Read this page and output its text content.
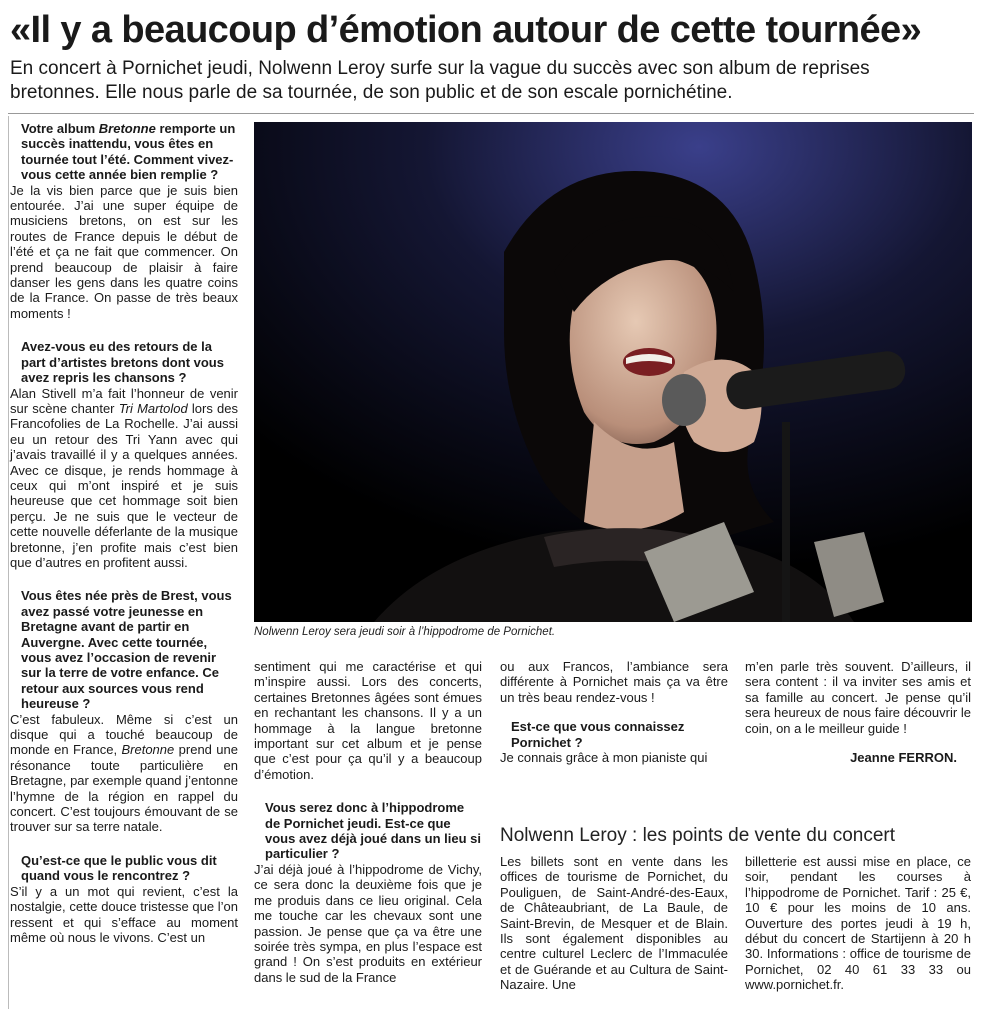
«Il y a beaucoup d’émotion autour de cette tournée»
En concert à Pornichet jeudi, Nolwenn Leroy surfe sur la vague du succès avec son album de reprises
bretonnes. Elle nous parle de sa tournée, de son public et de son escale pornichétine.

Votre album Bretonne remporte un succès inattendu, vous êtes en tournée tout l’été. Comment vivez-vous cette année bien remplie ?

Je la vis bien parce que je suis bien entourée. J’ai une super équipe de musiciens bretons, on est sur les routes de France depuis le début de l’été et ça ne fait que commencer. On prend beaucoup de plaisir à faire danser les gens dans les quatre coins de la France. On passe de très beaux moments !

Avez-vous eu des retours de la part d’artistes bretons dont vous avez repris les chansons ?

Alan Stivell m’a fait l’honneur de venir sur scène chanter Tri Martolod lors des Francofolies de La Rochelle. J’ai aussi eu un retour des Tri Yann avec qui j’avais travaillé il y a quelques années. Avec ce disque, je rends hommage à ceux qui m’ont inspiré et je suis heureuse que cet hommage soit bien perçu. Je ne suis que le vecteur de cette nouvelle déferlante de la musique bretonne, j’en profite mais c’est bien que d’autres en profitent aussi.

Vous êtes née près de Brest, vous avez passé votre jeunesse en Bretagne avant de partir en Auvergne. Avec cette tournée, vous avez l’occasion de revenir sur la terre de votre enfance. Ce retour aux sources vous rend heureuse ?

C’est fabuleux. Même si c’est un disque qui a touché beaucoup de monde en France, Bretonne prend une résonance toute particulière en Bretagne, par exemple quand j’entonne l’hymne de la région en rappel du concert. C’est toujours émouvant de se trouver sur sa terre natale.

Qu’est-ce que le public vous dit quand vous le rencontrez ?

S’il y a un mot qui revient, c’est la nostalgie, cette douce tristesse que l’on ressent et qui s’efface au moment même où nous le vivons. C’est un

Nolwenn Leroy sera jeudi soir à l’hippodrome de Pornichet.

sentiment qui me caractérise et qui m’inspire aussi. Lors des concerts, certaines Bretonnes âgées sont émues en rechantant les chansons. Il y a un hommage à la langue bretonne important sur cet album et je pense que c’est pour ça qu’il y a beaucoup d’émotion.

Vous serez donc à l’hippodrome de Pornichet jeudi. Est-ce que vous avez déjà joué dans un lieu si particulier ?

J’ai déjà joué à l’hippodrome de Vichy, ce sera donc la deuxième fois que je me produis dans ce lieu original. Cela me touche car les chevaux sont une passion. Je pense que ça va être une soirée très sympa, en plus l’espace est grand ! On s’est produits en extérieur dans le sud de la France

ou aux Francos, l’ambiance sera différente à Pornichet mais ça va être un très beau rendez-vous !

Est-ce que vous connaissez Pornichet ?

Je connais grâce à mon pianiste qui

m’en parle très souvent. D’ailleurs, il sera content : il va inviter ses amis et sa famille au concert. Je pense qu’il sera heureux de nous faire découvrir le coin, on a le meilleur guide !

Jeanne FERRON.

Nolwenn Leroy : les points de vente du concert

Les billets sont en vente dans les offices de tourisme de Pornichet, du Pouliguen, de Saint-André-des-Eaux, de Châteaubriant, de La Baule, de Saint-Brevin, de Mesquer et de Blain. Ils sont également disponibles au centre culturel Leclerc de l’Immaculée et de Guérande et au Cultura de Saint-Nazaire. Une

billetterie est aussi mise en place, ce soir, pendant les courses à l’hippodrome de Pornichet. Tarif : 25 €, 10 € pour les moins de 10 ans. Ouverture des portes jeudi à 19 h, début du concert de Startijenn à 20 h 30. Informations : office de tourisme de Pornichet, 02 40 61 33 33 ou www.pornichet.fr.
